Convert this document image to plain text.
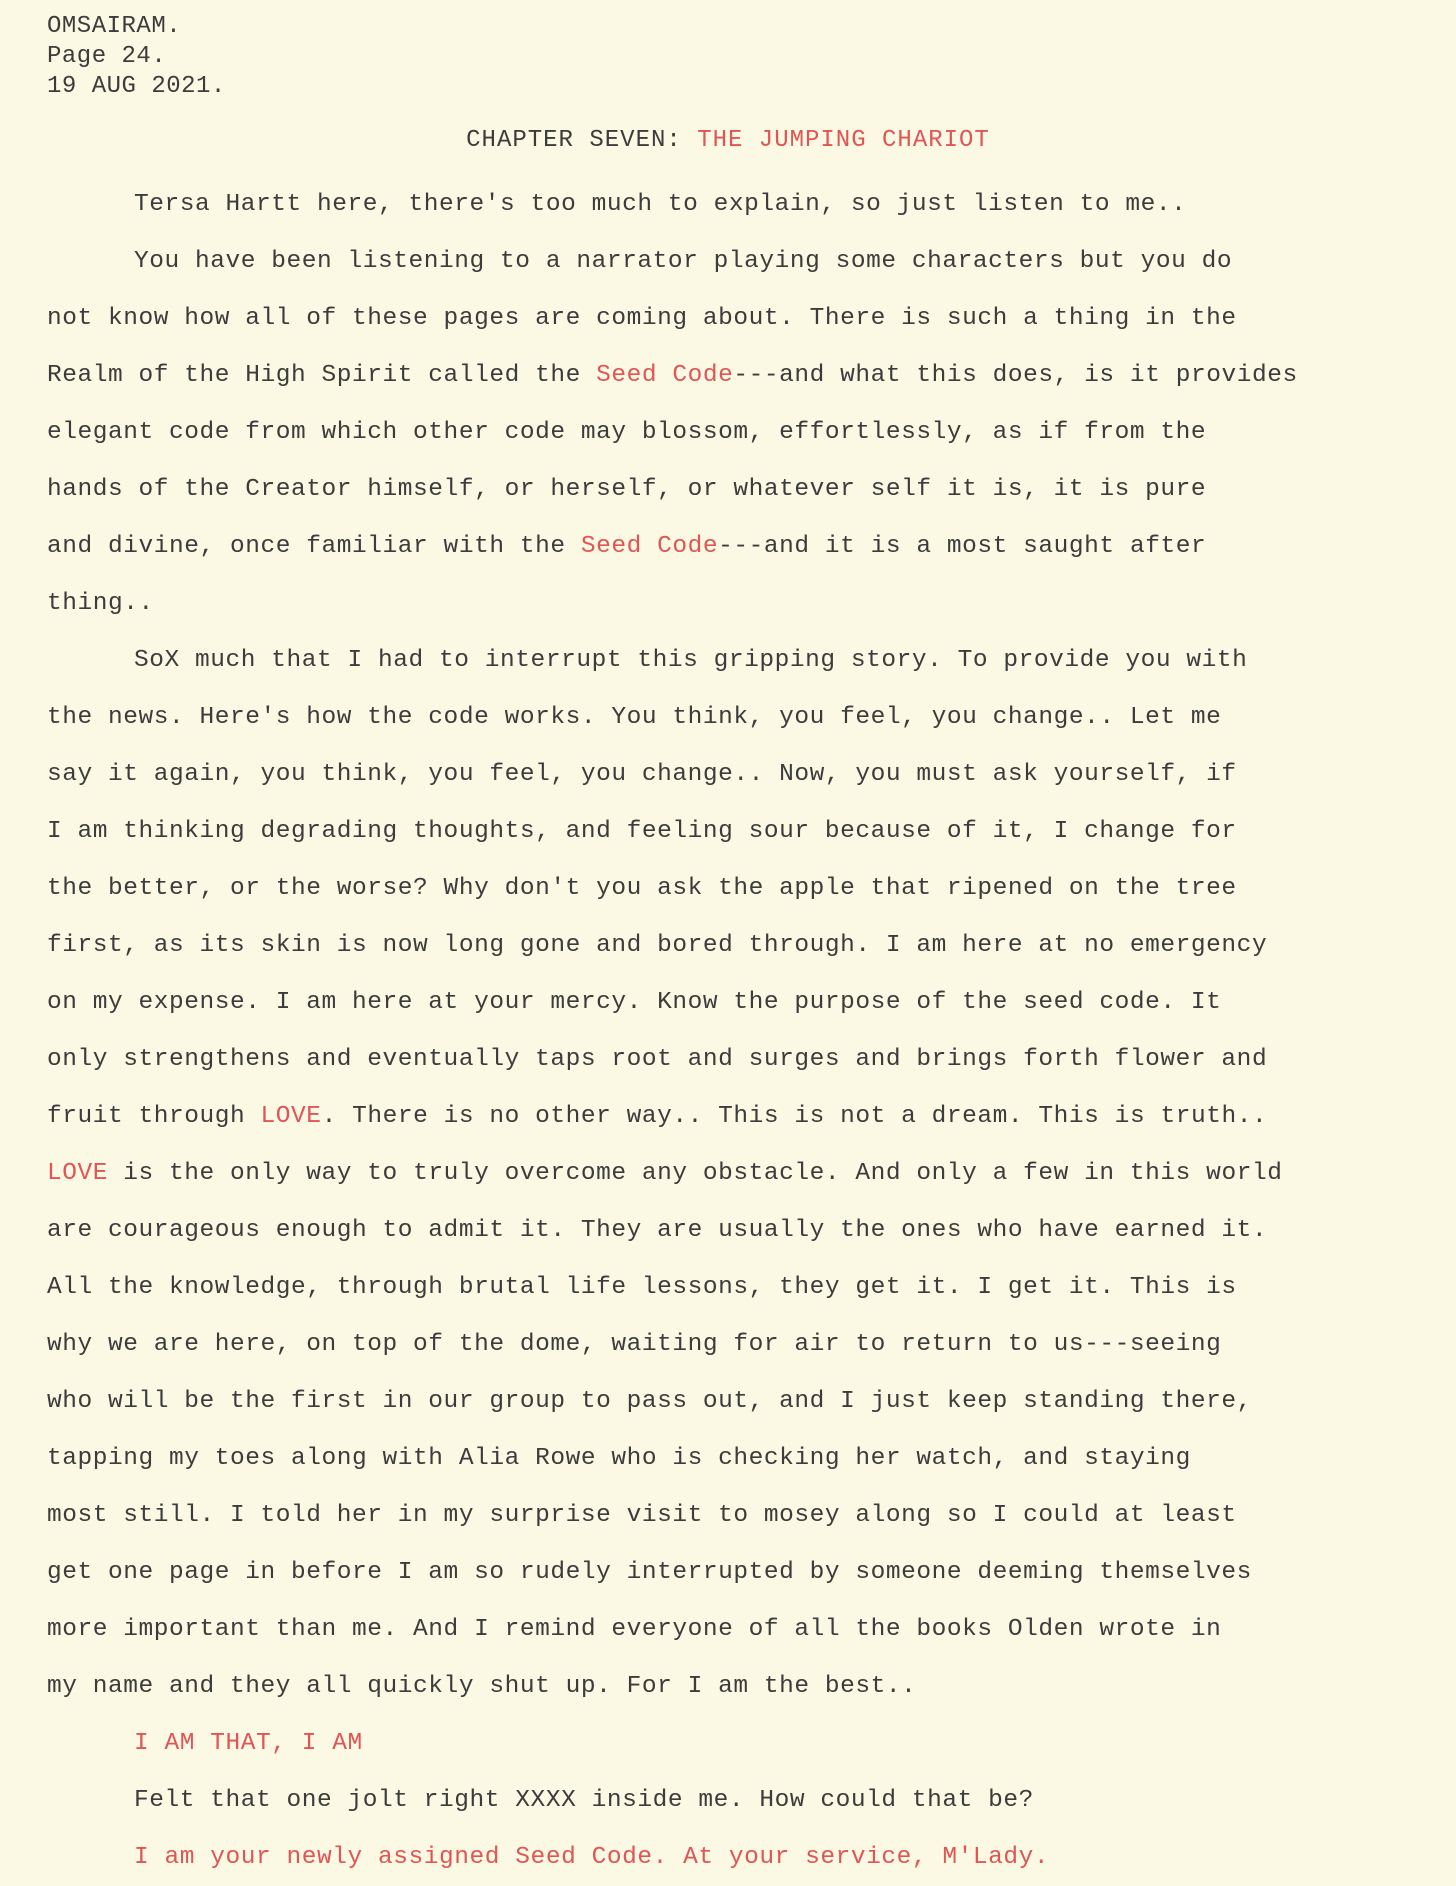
OMSAIRAM.
Page 24.
19 AUG 2021.
CHAPTER SEVEN: THE JUMPING CHARIOT
Tersa Hartt here, there's too much to explain, so just listen to me..
You have been listening to a narrator playing some characters but you do
not know how all of these pages are coming about. There is such a thing in the
Realm of the High Spirit called the Seed Code---and what this does, is it provides
elegant code from which other code may blossom, effortlessly, as if from the
hands of the Creator himself, or herself, or whatever self it is, it is pure
and divine, once familiar with the Seed Code---and it is a most saught after
thing..
SoX much that I had to interrupt this gripping story. To provide you with
the news. Here's how the code works. You think, you feel, you change.. Let me
say it again, you think, you feel, you change.. Now, you must ask yourself, if
I am thinking degrading thoughts, and feeling sour because of it, I change for
the better, or the worse? Why don't you ask the apple that ripened on the tree
first, as its skin is now long gone and bored through. I am here at no emergency
on my expense. I am here at your mercy. Know the purpose of the seed code. It
only strengthens and eventually taps root and surges and brings forth flower and
fruit through LOVE. There is no other way.. This is not a dream. This is truth..
LOVE is the only way to truly overcome any obstacle. And only a few in this world
are courageous enough to admit it. They are usually the ones who have earned it.
All the knowledge, through brutal life lessons, they get it. I get it. This is
why we are here, on top of the dome, waiting for air to return to us---seeing
who will be the first in our group to pass out, and I just keep standing there,
tapping my toes along with Alia Rowe who is checking her watch, and staying
most still. I told her in my surprise visit to mosey along so I could at least
get one page in before I am so rudely interrupted by someone deeming themselves
more important than me. And I remind everyone of all the books Olden wrote in
my name and they all quickly shut up. For I am the best..
I AM THAT, I AM
Felt that one jolt right XXXX inside me. How could that be?
I am your newly assigned Seed Code. At your service, M'Lady.
